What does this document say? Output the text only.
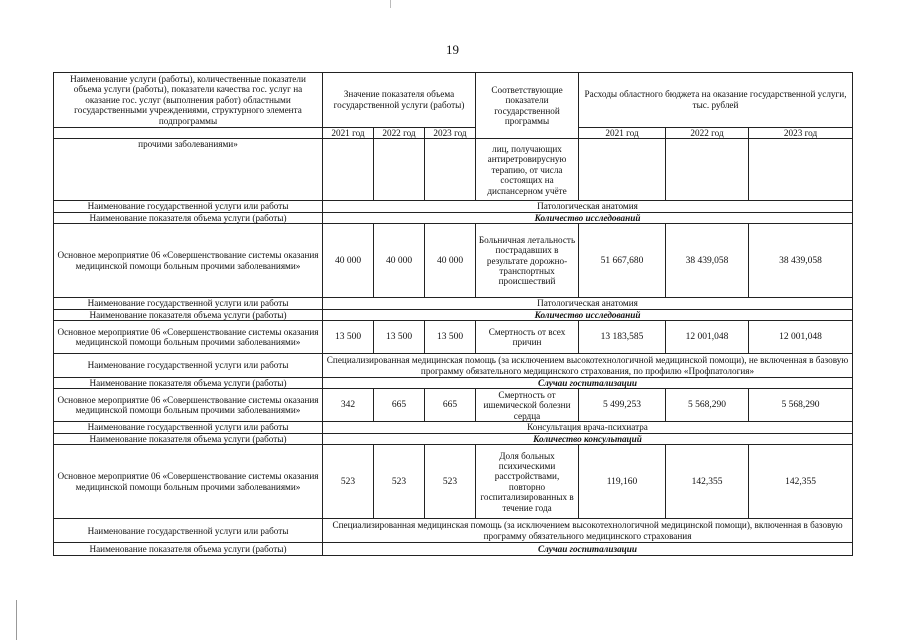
19
Наименование услуги (работы), количественные показатели объема услуги (работы), показатели качества гос. услуг на оказание гос. услуг (выполнения работ) областными государственными учреждениями, структурного элемента подпрограммы	Значение показателя объема государственной услуги (работы)			Соответствующие показатели государственной программы	Расходы областного бюджета на оказание государственной услуги, тыс. рублей		
	2021 год	2022 год	2023 год		2021 год	2022 год	2023 год
прочими заболеваниями»				лиц, получающих антиретровирусную терапию, от числа состоящих на диспансерном учёте			
Наименование государственной услуги или работы	Патологическая анатомия						
Наименование показателя объема услуги (работы)	Количество исследований						
Основное мероприятие 06 «Совершенствование системы оказания медицинской помощи больным прочими заболеваниями»	40 000	40 000	40 000	Больничная летальность пострадавших в результате дорожно-транспортных происшествий	51 667,680	38 439,058	38 439,058
Наименование государственной услуги или работы	Патологическая анатомия						
Наименование показателя объема услуги (работы)	Количество исследований						
Основное мероприятие 06 «Совершенствование системы оказания медицинской помощи больным прочими заболеваниями»	13 500	13 500	13 500	Смертность от всех причин	13 183,585	12 001,048	12 001,048
Наименование государственной услуги или работы	Специализированная медицинская помощь (за исключением высокотехнологичной медицинской помощи), не включенная в базовую программу обязательного медицинского страхования, по профилю «Профпатология»						
Наименование показателя объема услуги (работы)	Случаи госпитализации						
Основное мероприятие 06 «Совершенствование системы оказания медицинской помощи больным прочими заболеваниями»	342	665	665	Смертность от ишемической болезни сердца	5 499,253	5 568,290	5 568,290
Наименование государственной услуги или работы	Консультация врача-психиатра						
Наименование показателя объема услуги (работы)	Количество консультаций						
Основное мероприятие 06 «Совершенствование системы оказания медицинской помощи больным прочими заболеваниями»	523	523	523	Доля больных психическими расстройствами, повторно госпитализированных в течение года	119,160	142,355	142,355
Наименование государственной услуги или работы	Специализированная медицинская помощь (за исключением высокотехнологичной медицинской помощи), включенная в базовую программу обязательного медицинского страхования						
Наименование показателя объема услуги (работы)	Случаи госпитализации						
